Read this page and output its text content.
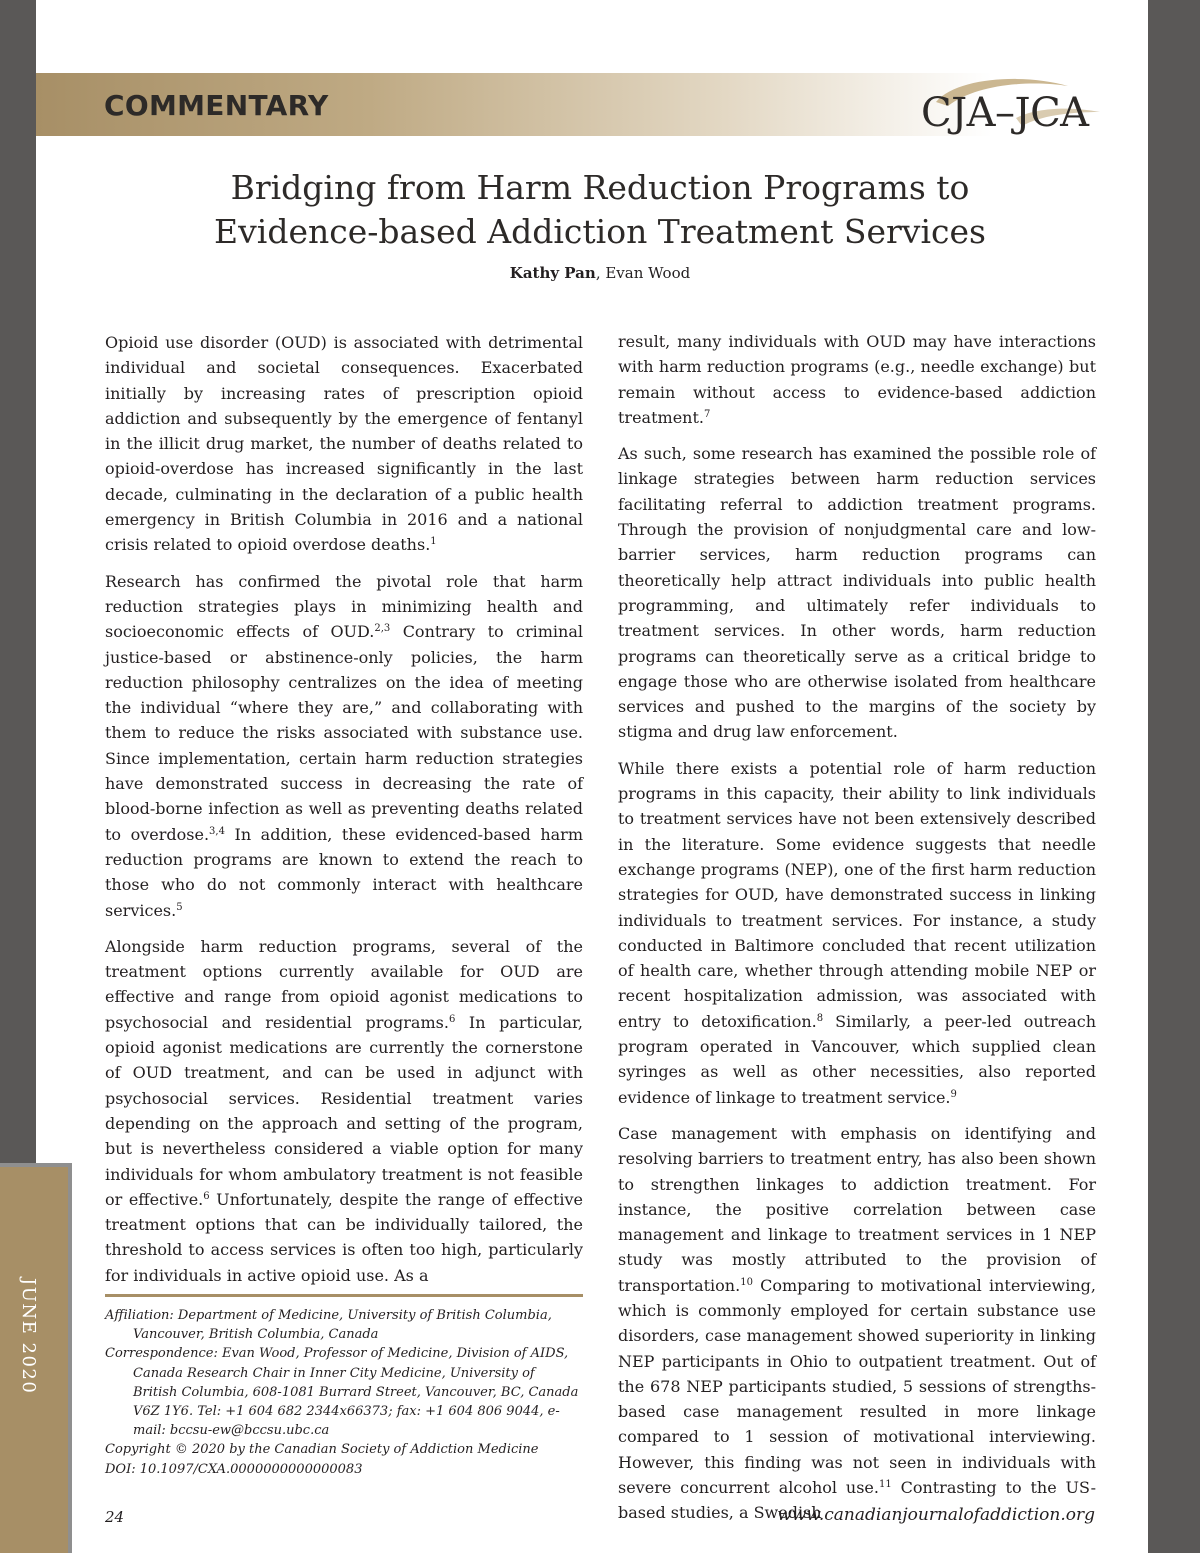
COMMENTARY	CJA–JCA
Bridging from Harm Reduction Programs to
Evidence-based Addiction Treatment Services
Kathy Pan, Evan Wood

Opioid use disorder (OUD) is associated with detrimental individual and societal consequences. Exacerbated initially by increasing rates of prescription opioid addiction and subsequently by the emergence of fentanyl in the illicit drug market, the number of deaths related to opioid-overdose has increased significantly in the last decade, culminating in the declaration of a public health emergency in British Columbia in 2016 and a national crisis related to opioid overdose deaths.$^1$

Research has confirmed the pivotal role that harm reduction strategies plays in minimizing health and socioeconomic effects of OUD.$^{2,3}$ Contrary to criminal justice-based or abstinence-only policies, the harm reduction philosophy centralizes on the idea of meeting the individual “where they are,” and collaborating with them to reduce the risks associated with substance use. Since implementation, certain harm reduction strategies have demonstrated success in decreasing the rate of blood-borne infection as well as preventing deaths related to overdose.$^{3,4}$ In addition, these evidenced-based harm reduction programs are known to extend the reach to those who do not commonly interact with healthcare services.$^5$

Alongside harm reduction programs, several of the treatment options currently available for OUD are effective and range from opioid agonist medications to psychosocial and residential programs.$^6$ In particular, opioid agonist medications are currently the cornerstone of OUD treatment, and can be used in adjunct with psychosocial services. Residential treatment varies depending on the approach and setting of the program, but is nevertheless considered a viable option for many individuals for whom ambulatory treatment is not feasible or effective.$^6$ Unfortunately, despite the range of effective treatment options that can be individually tailored, the threshold to access services is often too high, particularly for individuals in active opioid use. As a

result, many individuals with OUD may have interactions with harm reduction programs (e.g., needle exchange) but remain without access to evidence-based addiction treatment.$^7$

As such, some research has examined the possible role of linkage strategies between harm reduction services facilitating referral to addiction treatment programs. Through the provision of nonjudgmental care and low-barrier services, harm reduction programs can theoretically help attract individuals into public health programming, and ultimately refer individuals to treatment services. In other words, harm reduction programs can theoretically serve as a critical bridge to engage those who are otherwise isolated from healthcare services and pushed to the margins of the society by stigma and drug law enforcement.

While there exists a potential role of harm reduction programs in this capacity, their ability to link individuals to treatment services have not been extensively described in the literature. Some evidence suggests that needle exchange programs (NEP), one of the first harm reduction strategies for OUD, have demonstrated success in linking individuals to treatment services. For instance, a study conducted in Baltimore concluded that recent utilization of health care, whether through attending mobile NEP or recent hospitalization admission, was associated with entry to detoxification.$^8$ Similarly, a peer-led outreach program operated in Vancouver, which supplied clean syringes as well as other necessities, also reported evidence of linkage to treatment service.$^9$

Case management with emphasis on identifying and resolving barriers to treatment entry, has also been shown to strengthen linkages to addiction treatment. For instance, the positive correlation between case management and linkage to treatment services in 1 NEP study was mostly attributed to the provision of transportation.$^{10}$ Comparing to motivational interviewing, which is commonly employed for certain substance use disorders, case management showed superiority in linking NEP participants in Ohio to outpatient treatment. Out of the 678 NEP participants studied, 5 sessions of strengths-based case management resulted in more linkage compared to 1 session of motivational interviewing. However, this finding was not seen in individuals with severe concurrent alcohol use.$^{11}$ Contrasting to the US-based studies, a Swedish

Affiliation: Department of Medicine, University of British Columbia, Vancouver, British Columbia, Canada

Correspondence: Evan Wood, Professor of Medicine, Division of AIDS, Canada Research Chair in Inner City Medicine, University of British Columbia, 608-1081 Burrard Street, Vancouver, BC, Canada V6Z 1Y6. Tel: +1 604 682 2344x66373; fax: +1 604 806 9044, e-mail: bccsu-ew@bccsu.ubc.ca

Copyright © 2020 by the Canadian Society of Addiction Medicine

DOI: 10.1097/CXA.0000000000000083

JUNE 2020
24	www.canadianjournalofaddiction.org
